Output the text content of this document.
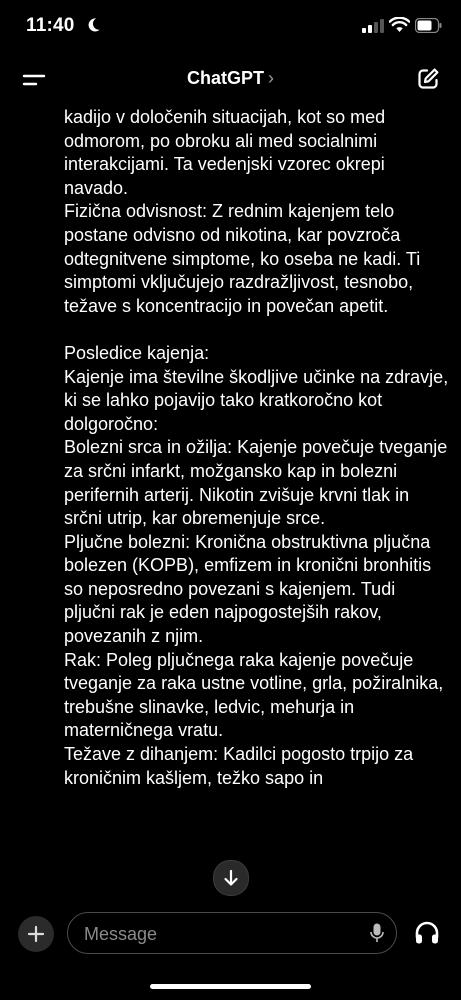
11:40
ChatGPT ›

kadijo v določenih situacijah, kot so med odmorom, po obroku ali med socialnimi interakcijami. Ta vedenjski vzorec okrepi navado.

Fizična odvisnost: Z rednim kajenjem telo postane odvisno od nikotina, kar povzroča odtegnitvene simptome, ko oseba ne kadi. Ti simptomi vključujejo razdražljivost, tesnobo, težave s koncentracijo in povečan apetit.

Posledice kajenja:

Kajenje ima številne škodljive učinke na zdravje, ki se lahko pojavijo tako kratkoročno kot dolgoročno:

Bolezni srca in ožilja: Kajenje povečuje tveganje za srčni infarkt, možgansko kap in bolezni perifernih arterij. Nikotin zvišuje krvni tlak in srčni utrip, kar obremenjuje srce.

Pljučne bolezni: Kronična obstruktivna pljučna bolezen (KOPB), emfizem in kronični bronhitis so neposredno povezani s kajenjem. Tudi pljučni rak je eden najpogostejših rakov, povezanih z njim.

Rak: Poleg pljučnega raka kajenje povečuje tveganje za raka ustne votline, grla, požiralnika, trebušne slinavke, ledvic, mehurja in materničnega vratu.

Težave z dihanjem: Kadilci pogosto trpijo za kroničnim kašljem, težko sapo in

Message
